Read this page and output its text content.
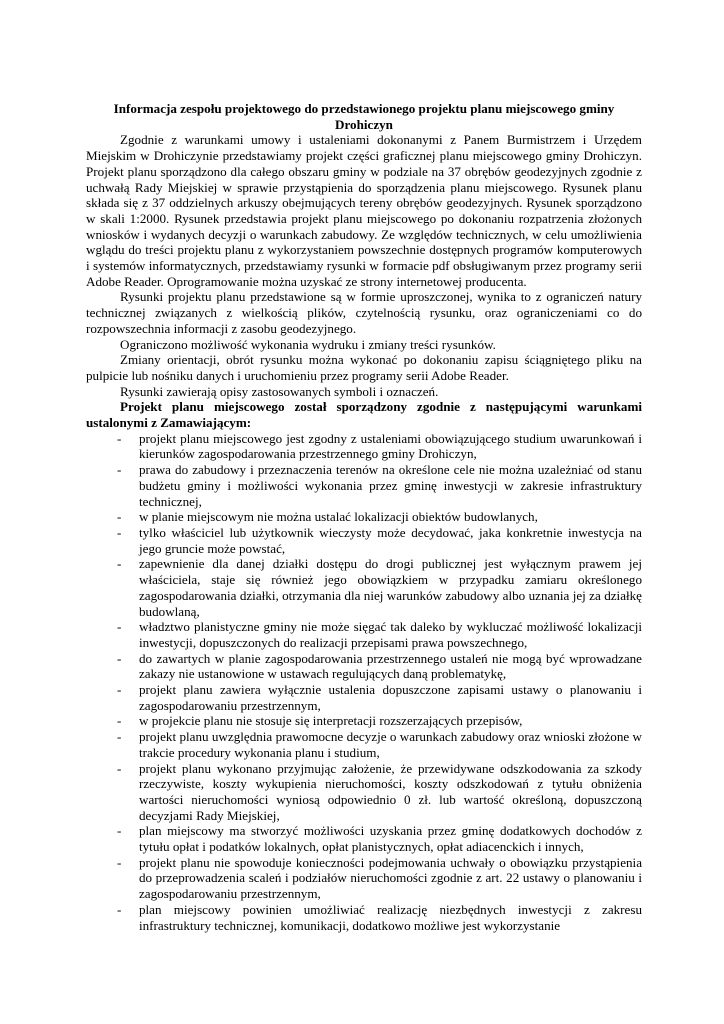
Informacja zespołu projektowego do przedstawionego projektu planu miejscowego gminy Drohiczyn

Zgodnie z warunkami umowy i ustaleniami dokonanymi z Panem Burmistrzem i Urzędem Miejskim w Drohiczynie przedstawiamy projekt części graficznej planu miejscowego gminy Drohiczyn. Projekt planu sporządzono dla całego obszaru gminy w podziale na 37 obrębów geodezyjnych zgodnie z uchwałą Rady Miejskiej w sprawie przystąpienia do sporządzenia planu miejscowego. Rysunek planu składa się z 37 oddzielnych arkuszy obejmujących tereny obrębów geodezyjnych. Rysunek sporządzono w skali 1:2000. Rysunek przedstawia projekt planu miejscowego po dokonaniu rozpatrzenia złożonych wniosków i wydanych decyzji o warunkach zabudowy. Ze względów technicznych, w celu umożliwienia wglądu do treści projektu planu z wykorzystaniem powszechnie dostępnych programów komputerowych i systemów informatycznych, przedstawiamy rysunki w formacie pdf obsługiwanym przez programy serii Adobe Reader. Oprogramowanie można uzyskać ze strony internetowej producenta.

Rysunki projektu planu przedstawione są w formie uproszczonej, wynika to z ograniczeń natury technicznej związanych z wielkością plików, czytelnością rysunku, oraz ograniczeniami co do rozpowszechnia informacji z zasobu geodezyjnego.

Ograniczono możliwość wykonania wydruku i zmiany treści rysunków.

Zmiany orientacji, obrót rysunku można wykonać po dokonaniu zapisu ściągniętego pliku na pulpicie lub nośniku danych i uruchomieniu przez programy serii Adobe Reader.

Rysunki zawierają opisy zastosowanych symboli i oznaczeń.

Projekt planu miejscowego został sporządzony zgodnie z następującymi warunkami ustalonymi z Zamawiającym:

- projekt planu miejscowego jest zgodny z ustaleniami obowiązującego studium uwarunkowań i kierunków zagospodarowania przestrzennego gminy Drohiczyn,
- prawa do zabudowy i przeznaczenia terenów na określone cele nie można uzależniać od stanu budżetu gminy i możliwości wykonania przez gminę inwestycji w zakresie infrastruktury technicznej,
- w planie miejscowym nie można ustalać lokalizacji obiektów budowlanych,
- tylko właściciel lub użytkownik wieczysty może decydować, jaka konkretnie inwestycja na jego gruncie może powstać,
- zapewnienie dla danej działki dostępu do drogi publicznej jest wyłącznym prawem jej właściciela, staje się również jego obowiązkiem w przypadku zamiaru określonego zagospodarowania działki, otrzymania dla niej warunków zabudowy albo uznania jej za działkę budowlaną,
- władztwo planistyczne gminy nie może sięgać tak daleko by wykluczać możliwość lokalizacji inwestycji, dopuszczonych do realizacji przepisami prawa powszechnego,
- do zawartych w planie zagospodarowania przestrzennego ustaleń nie mogą być wprowadzane zakazy nie ustanowione w ustawach regulujących daną problematykę,
- projekt planu zawiera wyłącznie ustalenia dopuszczone zapisami ustawy o planowaniu i zagospodarowaniu przestrzennym,
- w projekcie planu nie stosuje się interpretacji rozszerzających przepisów,
- projekt planu uwzględnia prawomocne decyzje o warunkach zabudowy oraz wnioski złożone w trakcie procedury wykonania planu i studium,
- projekt planu wykonano przyjmując założenie, że przewidywane odszkodowania za szkody rzeczywiste, koszty wykupienia nieruchomości, koszty odszkodowań z tytułu obniżenia wartości nieruchomości wyniosą odpowiednio 0 zł. lub wartość określoną, dopuszczoną decyzjami Rady Miejskiej,
- plan miejscowy ma stworzyć możliwości uzyskania przez gminę dodatkowych dochodów z tytułu opłat i podatków lokalnych, opłat planistycznych, opłat adiacenckich i innych,
- projekt planu nie spowoduje konieczności podejmowania uchwały o obowiązku przystąpienia do przeprowadzenia scaleń i podziałów nieruchomości zgodnie z art. 22 ustawy o planowaniu i zagospodarowaniu przestrzennym,
- plan miejscowy powinien umożliwiać realizację niezbędnych inwestycji z zakresu infrastruktury technicznej, komunikacji, dodatkowo możliwe jest wykorzystanie
